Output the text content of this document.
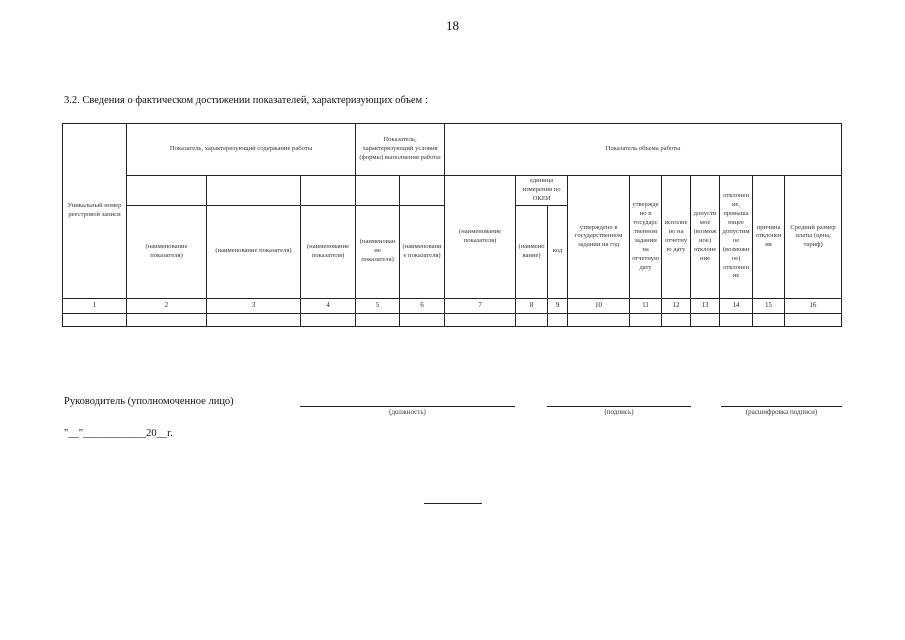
18
3.2. Сведения о фактическом достижении показателей, характеризующих объем :
Уникальный номер реестровой записи	Показатель, характеризующий содержание работы			Показатель, характеризующий условия (формы) выполнения работы		Показатель объема работы									
						(наименование показателя)	единица измерения по ОКЕИ		утверждено в государственном задании на год	утверждено в государственном задании на отчетную дату	исполнено на отчетную дату	допустимое (возможное) отклонение	отклонение, превышающее допустимое (возможное) отклонение	причина отклонения	Средний размер платы (цена, тариф)
	(наименование показателя)	(наименование показателя)	(наименование показателя)	(наименование показателя)	(наименование показателя)		(наименование)	код							
1	2	3	4	5	6	7	8	9	10	11	12	13	14	15	16

Руководитель (уполномоченное лицо)
(должность)	(подпись)	(расшифровка подписи)
"__"____________20__г.
